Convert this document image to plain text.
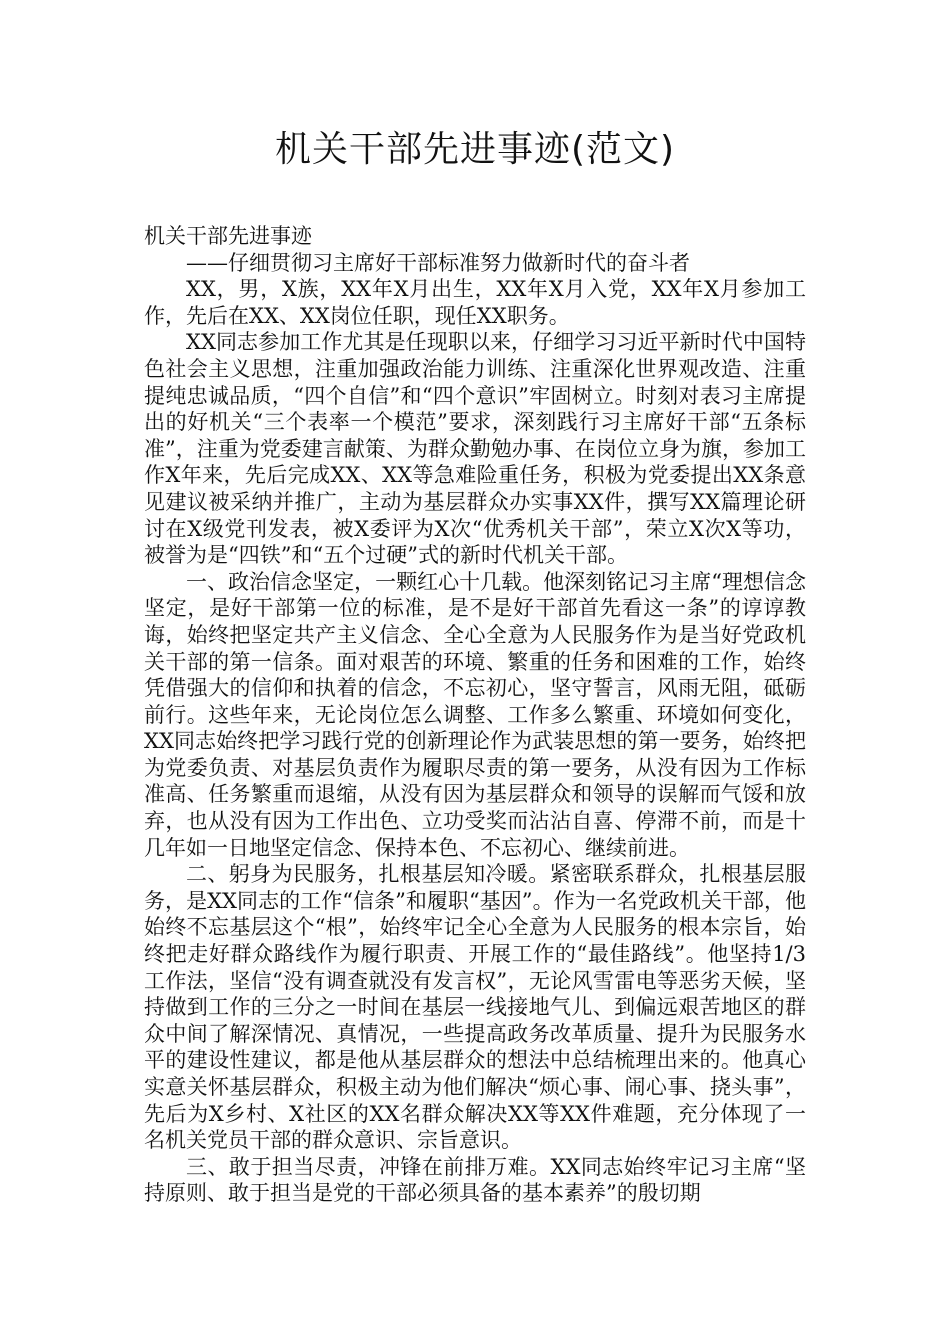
机关干部先进事迹(范文)

机关干部先进事迹

——仔细贯彻习主席好干部标准努力做新时代的奋斗者

XX，男，X族，XX年X月出生，XX年X月入党，XX年X月参加工作，先后在XX、XX岗位任职，现任XX职务。

XX同志参加工作尤其是任现职以来，仔细学习习近平新时代中国特色社会主义思想，注重加强政治能力训练、注重深化世界观改造、注重提纯忠诚品质，“四个自信”和“四个意识”牢固树立。时刻对表习主席提出的好机关“三个表率一个模范”要求，深刻践行习主席好干部“五条标准”，注重为党委建言献策、为群众勤勉办事、在岗位立身为旗，参加工作X年来，先后完成XX、XX等急难险重任务，积极为党委提出XX条意见建议被采纳并推广，主动为基层群众办实事XX件，撰写XX篇理论研讨在X级党刊发表，被X委评为X次“优秀机关干部”，荣立X次X等功，被誉为是“四铁”和“五个过硬”式的新时代机关干部。

一、政治信念坚定，一颗红心十几载。他深刻铭记习主席“理想信念坚定，是好干部第一位的标准，是不是好干部首先看这一条”的谆谆教诲，始终把坚定共产主义信念、全心全意为人民服务作为是当好党政机关干部的第一信条。面对艰苦的环境、繁重的任务和困难的工作，始终凭借强大的信仰和执着的信念，不忘初心，坚守誓言，风雨无阻，砥砺前行。这些年来，无论岗位怎么调整、工作多么繁重、环境如何变化，XX同志始终把学习践行党的创新理论作为武装思想的第一要务，始终把为党委负责、对基层负责作为履职尽责的第一要务，从没有因为工作标准高、任务繁重而退缩，从没有因为基层群众和领导的误解而气馁和放弃，也从没有因为工作出色、立功受奖而沾沾自喜、停滞不前，而是十几年如一日地坚定信念、保持本色、不忘初心、继续前进。

二、躬身为民服务，扎根基层知冷暖。紧密联系群众，扎根基层服务，是XX同志的工作“信条”和履职“基因”。作为一名党政机关干部，他始终不忘基层这个“根”，始终牢记全心全意为人民服务的根本宗旨，始终把走好群众路线作为履行职责、开展工作的“最佳路线”。他坚持1/3工作法，坚信“没有调查就没有发言权”，无论风雪雷电等恶劣天候，坚持做到工作的三分之一时间在基层一线接地气儿、到偏远艰苦地区的群众中间了解深情况、真情况，一些提高政务改革质量、提升为民服务水平的建设性建议，都是他从基层群众的想法中总结梳理出来的。他真心实意关怀基层群众，积极主动为他们解决“烦心事、闹心事、挠头事”，先后为X乡村、X社区的XX名群众解决XX等XX件难题，充分体现了一名机关党员干部的群众意识、宗旨意识。

三、敢于担当尽责，冲锋在前排万难。XX同志始终牢记习主席“坚持原则、敢于担当是党的干部必须具备的基本素养”的殷切期
